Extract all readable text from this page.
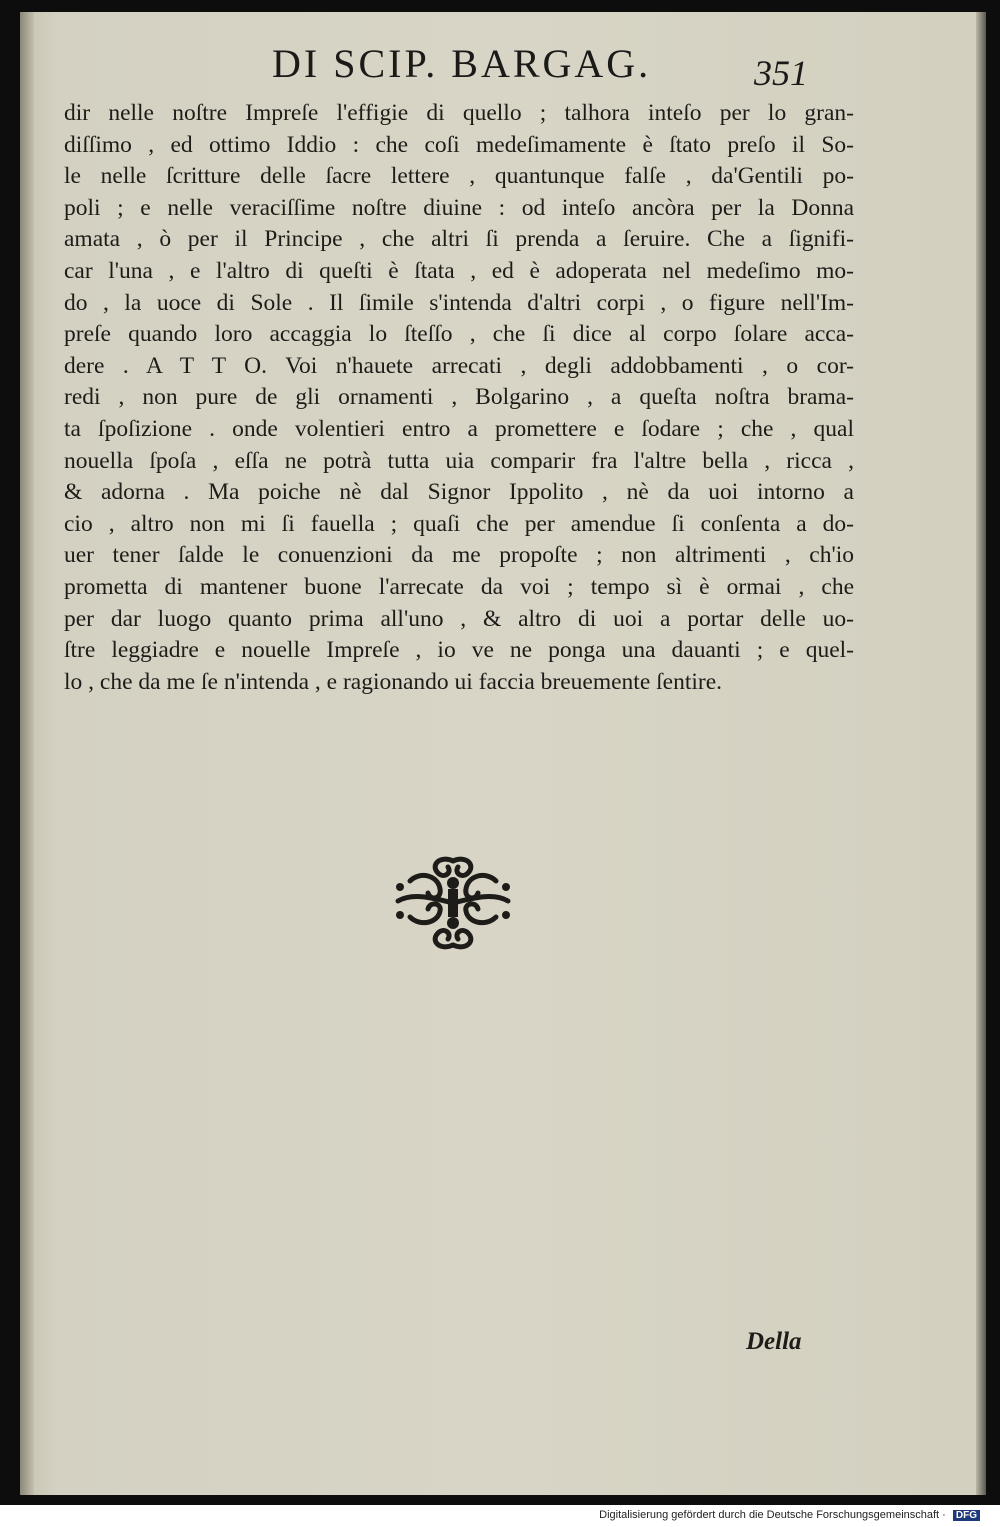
DI SCIP. BARGAG.	351
dir nelle noſtre Impreſe l'effigie di quello ; talhora inteſo per lo gran-
diſſimo , ed ottimo Iddio : che coſi medeſimamente è ſtato preſo il So-
le nelle ſcritture delle ſacre lettere , quantunque falſe , da'Gentili po-
poli ; e nelle veraciſſime noſtre diuine : od inteſo ancòra per la Donna
amata , ò per il Principe , che altri ſi prenda a ſeruire. Che a ſignifi-
car l'una , e l'altro di queſti è ſtata , ed è adoperata nel medeſimo mo-
do , la uoce di Sole . Il ſimile s'intenda d'altri corpi , o figure nell'Im-
preſe quando loro accaggia lo ſteſſo , che ſi dice al corpo ſolare acca-
dere . A T T O. Voi n'hauete arrecati , degli addobbamenti , o cor-
redi , non pure de gli ornamenti , Bolgarino , a queſta noſtra brama-
ta ſpoſizione . onde volentieri entro a promettere e ſodare ; che , qual
nouella ſpoſa , eſſa ne potrà tutta uia comparir fra l'altre bella , ricca ,
& adorna . Ma poiche nè dal Signor Ippolito , nè da uoi intorno a
cio , altro non mi ſi fauella ; quaſi che per amendue ſi conſenta a do-
uer tener ſalde le conuenzioni da me propoſte ; non altrimenti , ch'io
prometta di mantener buone l'arrecate da voi ; tempo sì è ormai , che
per dar luogo quanto prima all'uno , & altro di uoi a portar delle uo-
ſtre leggiadre e nouelle Impreſe , io ve ne ponga una dauanti ; e quel-
lo , che da me ſe n'intenda , e ragionando ui faccia breuemente ſentire.
Della
Digitalisierung gefördert durch die Deutsche Forschungsgemeinschaft · DFG
